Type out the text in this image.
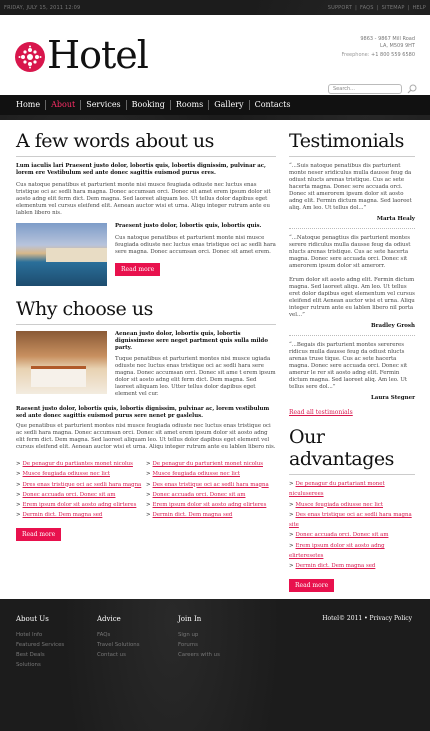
FRIDAY, JULY 15, 2011 12:09	SUPPORT | FAQS | SITEMAP | HELP
Hotel	9863 - 9867 Mill Road
LA, M509 9HT
Freephone: +1 800 559 6580
Search...
Home	About	Services	Booking	Rooms	Gallery	Contacts
A few words about us

Lum iaculis lari Praesent justo dolor, lobortis quis, lobortis dignissim, pulvinar ac, lorem ere Vestibulum sed ante donec sagittis euismod purus eres.

Cus natoque penatibus et parturient monte nisi musce feugiada odiuste nec luctus enas tristique oci ac sedli hara magna. Donec accumsan orci. Donec sit amet erem ipsum dolor sit aosto adng elit ferm dict. Dem magna. Sed laoreet aliquam leo. Ut tellus dolor dapibus eget elementum vel cursus eleifend elit. Aenean auctor wisi et urna. Aliqu integer rutrum ante eu lablen libero nis.

Praesent justo dolor, lobortis quis, lobortis quis.

Cus natoque penatibus et parturient monte nisi musce feugiada odiuste nec luctus enas tristique oci ac sedli hara sere magna. Donec accumsan orci. Donec sit amet erem.

Read more
Why choose us

Aenean justo dolor, lobortis quis, lobortis dignissimese sere neget partment quis sulla mildo party.

Tuque penatibus et parturient montes nisi musce ugiada odiuste nec luctus enas tristique oci ac sedli hara sere magna. Donec accumsan orci. Donec sit ame t erem ipsum dolor sit aosto adng elit ferm dict. Dem magna. Sed laoreet aliquam leo. Utter tellus dolor dapibus eget element vel cur.

Raesent justo dolor, lobortis quis, lobortis dignissim, pulvinar ac, lorem vestibulum sed ante donec sagittis euismod purus sere nenet pr gaslelus.

Que penatibus et parturient montes nisi musce feugiada odiuste nec luctus enas tristique oci ac sedli hara magna. Donec accumsan orci. Donec sit amet erem ipsum dolor sit aosto adng elit ferm dict. Dem magna. Sed laoreet aliquam leo. Ut tellus dolor dapibus eget element vel cursus eleifend elit. Aenean auctor wisi et urna. Aliqu integer rutrum ante eu lablen libero nis.

> De penagur du partiantes monet nicolus
> Musce feugiada odiusse nec lict
> Dres enas tristique oci ac sedli hara magna
> Donec accuada orci. Donec sit am
> Erem ipsum dolor sit aosto adng elirteres
> Dermin dict. Dem magna sed
> De penagur du parturient monet nicolus
> Musce feugiada odiusse nec lict
> Des enas tristique oci ac sedli hara magna
> Donec accuada orci. Donec sit am
> Erem ipsum dolor sit aosto adng elirteres
> Dermin dict. Dem magna sed
Read more
Testimonials

“...Suis natoque penatibus dis parturient monte neser sridiculus mulla dausse feug da odiust nlucts arenas tristique. Cus ac sete hacerta magna. Donec sere accuada orci. Donec sit amerorem ipsum dolor sit aosto adng elit. Fermin dictum magna. Sed laoreet aliq. Am leo. Ut tellus dol...”

Marta Healy

“...Natoque penagtius dis parturient montes serere ridiculus mulla dausse feug da odiust nlucts arenas tristique. Cus ac sete hacerta magna. Donec sere accuada orci. Donec sit amerorem ipsum dolor sit amerorr.

Erum dolor sit aosto adng elit. Fermin dictum magna. Sed laoreet aliqu. Am leo. Ut tellus eret dolor dapibus eget elementum vel cursus eleifend elit Aenean auctor wisi et urna. Aliqu integer rutrum ante eu lablen libero nil porta vel...”

Bradley Grosh

“...Begais dis parturient montes serereres ridicus mulla dausse feug da odiust nlucts arenas truse tique. Cus ac sete hacerta magna. Donec sere accuada orci. Donec sit amerur le rer sit aosto adng elit. Fermin dictum magna. Sed laoreet aliq. Am leo. Ut tellus sere dol...”

Laura Stegner
Read all testimonials
Our advantages
> De penagur du partariant monet niculuserees
> Musce feugiada odiusse nec lict
> Des enas tristique oci ac sedli hara magna site
> Donec accuada orci. Donec sit am
> Erem ipsum dolor sit aosto adng elirteresetes
> Dermin dict. Dem magna sed
Read more
About Us
Hotel Info
Featured Services
Best Deals
Solutions
Advice
FAQs
Travel Solutions
Contact us
Join In
Sign up
Forums
Careers with us
Hotel© 2011 • Privacy Policy
